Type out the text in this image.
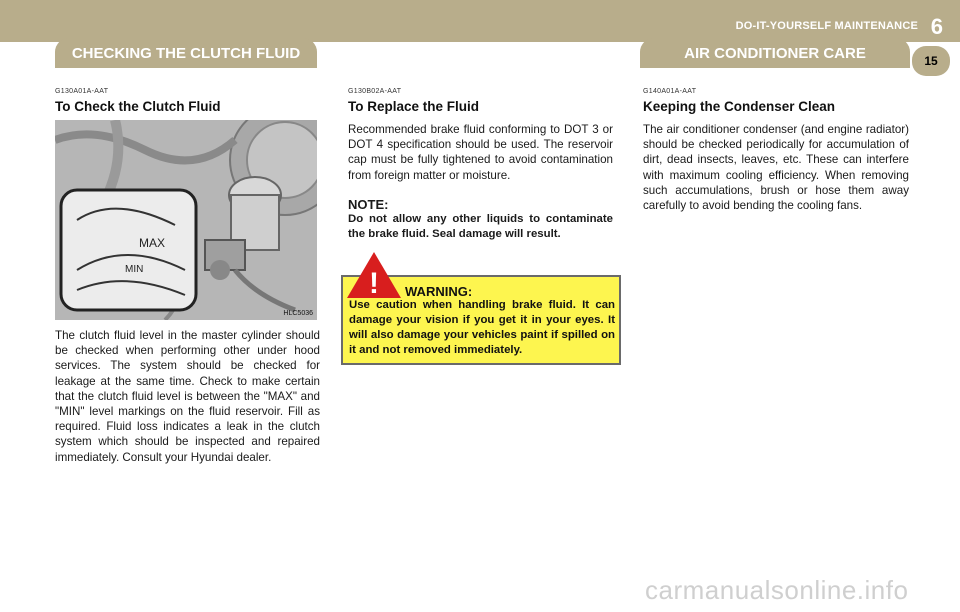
DO-IT-YOURSELF MAINTENANCE 6
CHECKING THE CLUTCH FLUID	AIR CONDITIONER CARE	15
G130A01A-AAT
To Check the Clutch Fluid
MAX
MIN
HLC5036
The clutch fluid level in the master cylinder should be checked when performing other under hood services. The system should be checked for leakage at the same time. Check to make certain that the clutch fluid level is between the "MAX" and "MIN" level markings on the fluid reservoir. Fill as required. Fluid loss indicates a leak in the clutch system which should be inspected and repaired immediately. Consult your Hyundai dealer.
G130B02A-AAT
To Replace the Fluid
Recommended brake fluid conforming to DOT 3 or DOT 4 specification should be used. The reservoir cap must be fully tightened to avoid contamination from foreign matter or moisture.
NOTE:
Do not allow any other liquids to contaminate the brake fluid. Seal damage will result.
! WARNING:
Use caution when handling brake fluid. It can damage your vision if you get it in your eyes. It will also damage your vehicles paint if spilled on it and not removed immediately.
G140A01A-AAT
Keeping the Condenser Clean
The air conditioner condenser (and engine radiator) should be checked periodically for accumulation of dirt, dead insects, leaves, etc. These can interfere with maximum cooling efficiency. When removing such accumulations, brush or hose them away carefully to avoid bending the cooling fans.
carmanualsonline.info
